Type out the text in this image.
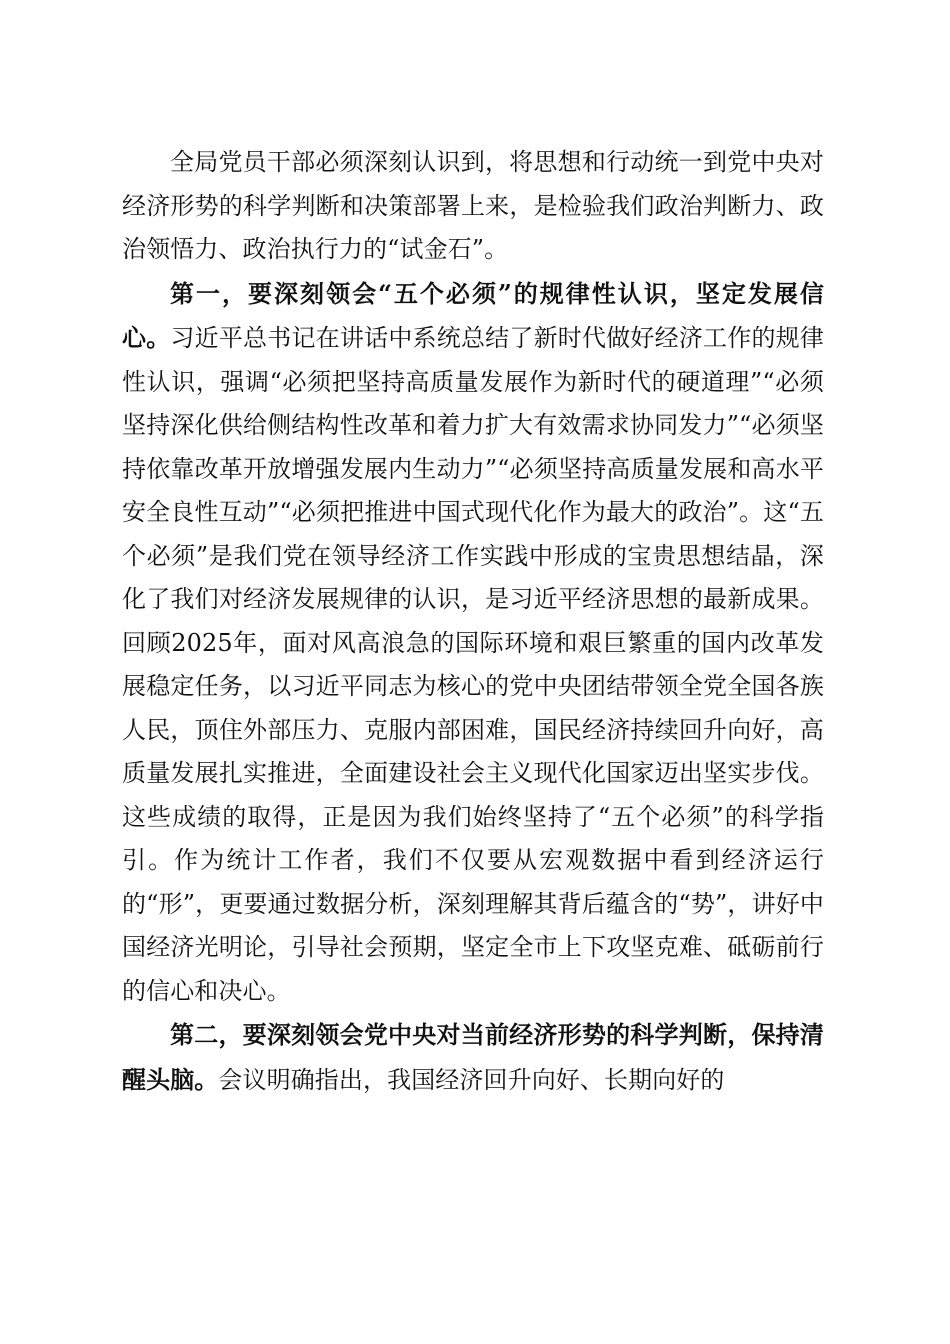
全局党员干部必须深刻认识到，将思想和行动统一到党中央对经济形势的科学判断和决策部署上来，是检验我们政治判断力、政治领悟力、政治执行力的“试金石”。

第一，要深刻领会“五个必须”的规律性认识，坚定发展信心。习近平总书记在讲话中系统总结了新时代做好经济工作的规律性认识，强调“必须把坚持高质量发展作为新时代的硬道理”“必须坚持深化供给侧结构性改革和着力扩大有效需求协同发力”“必须坚持依靠改革开放增强发展内生动力”“必须坚持高质量发展和高水平安全良性互动”“必须把推进中国式现代化作为最大的政治”。这“五个必须”是我们党在领导经济工作实践中形成的宝贵思想结晶，深化了我们对经济发展规律的认识，是习近平经济思想的最新成果。回顾2025年，面对风高浪急的国际环境和艰巨繁重的国内改革发展稳定任务，以习近平同志为核心的党中央团结带领全党全国各族人民，顶住外部压力、克服内部困难，国民经济持续回升向好，高质量发展扎实推进，全面建设社会主义现代化国家迈出坚实步伐。这些成绩的取得，正是因为我们始终坚持了“五个必须”的科学指引。作为统计工作者，我们不仅要从宏观数据中看到经济运行的“形”，更要通过数据分析，深刻理解其背后蕴含的“势”，讲好中国经济光明论，引导社会预期，坚定全市上下攻坚克难、砥砺前行的信心和决心。

第二，要深刻领会党中央对当前经济形势的科学判断，保持清醒头脑。会议明确指出，我国经济回升向好、长期向好的
